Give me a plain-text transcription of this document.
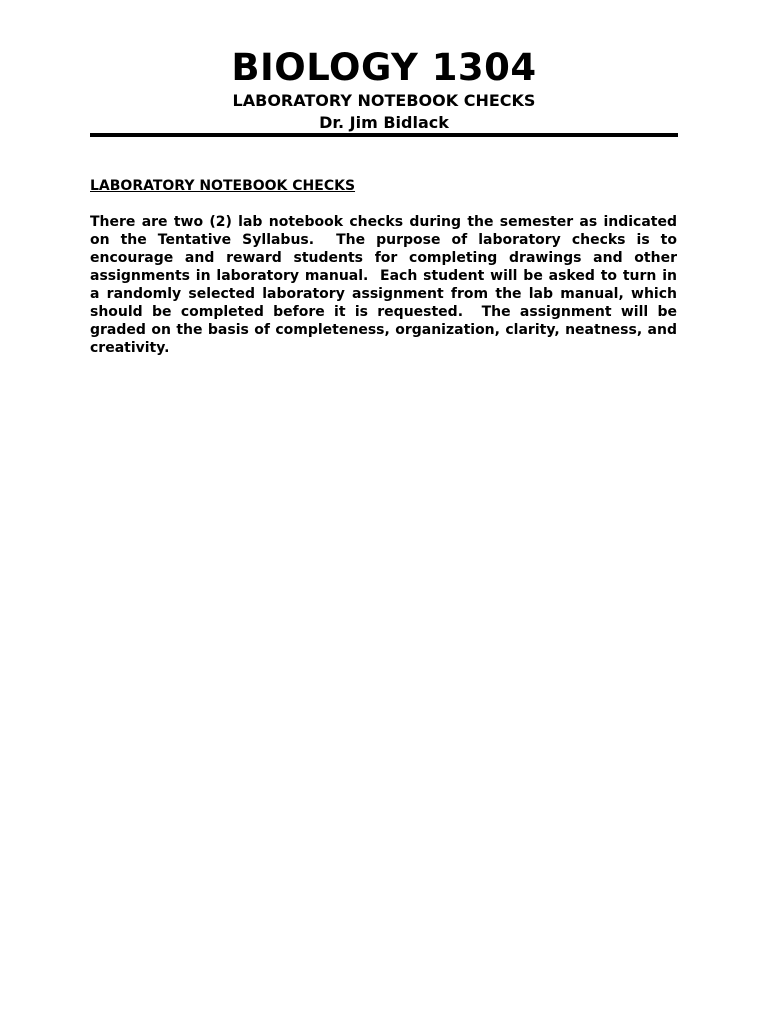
BIOLOGY 1304
LABORATORY NOTEBOOK CHECKS
Dr. Jim Bidlack
LABORATORY NOTEBOOK CHECKS

There are two (2) lab notebook checks during the semester as indicated on the Tentative Syllabus.  The purpose of laboratory checks is to encourage and reward students for completing drawings and other assignments in laboratory manual.  Each student will be asked to turn in a randomly selected laboratory assignment from the lab manual, which should be completed before it is requested.  The assignment will be graded on the basis of completeness, organization, clarity, neatness, and creativity.
